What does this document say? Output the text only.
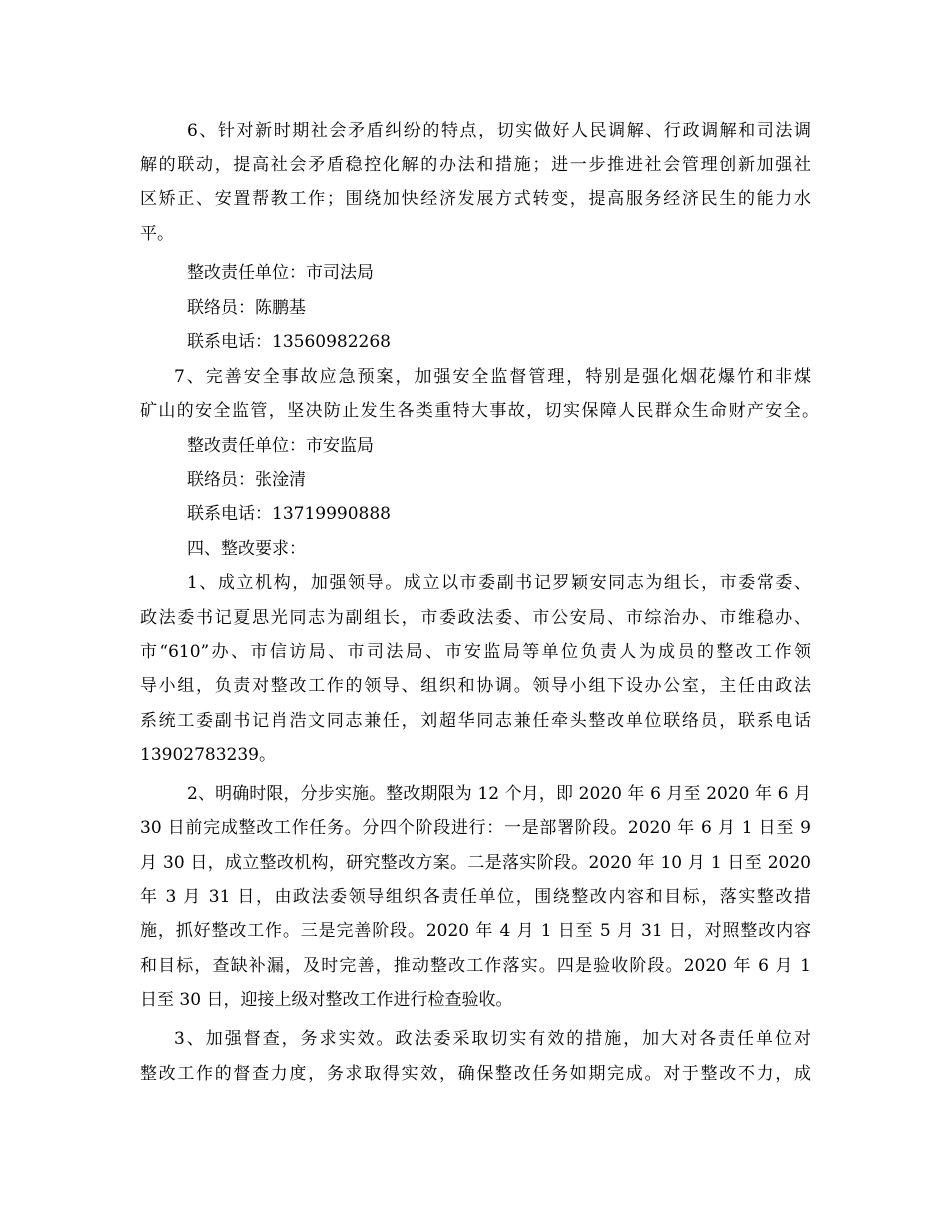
6、针对新时期社会矛盾纠纷的特点，切实做好人民调解、行政调解和司法调
解的联动，提高社会矛盾稳控化解的办法和措施；进一步推进社会管理创新加强社
区矫正、安置帮教工作；围绕加快经济发展方式转变，提高服务经济民生的能力水
平。
整改责任单位：市司法局
联络员：陈鹏基
联系电话：13560982268
7、完善安全事故应急预案，加强安全监督管理，特别是强化烟花爆竹和非煤
矿山的安全监管，坚决防止发生各类重特大事故，切实保障人民群众生命财产安全。
整改责任单位：市安监局
联络员：张淦清
联系电话：13719990888
四、整改要求：
1、成立机构，加强领导。成立以市委副书记罗颖安同志为组长，市委常委、
政法委书记夏思光同志为副组长，市委政法委、市公安局、市综治办、市维稳办、
市“610”办、市信访局、市司法局、市安监局等单位负责人为成员的整改工作领
导小组，负责对整改工作的领导、组织和协调。领导小组下设办公室，主任由政法
系统工委副书记肖浩文同志兼任，刘超华同志兼任牵头整改单位联络员，联系电话
13902783239。
2、明确时限，分步实施。整改期限为 12 个月，即 2020 年 6 月至 2020 年 6 月
30 日前完成整改工作任务。分四个阶段进行：一是部署阶段。2020 年 6 月 1 日至 9
月 30 日，成立整改机构，研究整改方案。二是落实阶段。2020 年 10 月 1 日至 2020
年 3 月 31 日，由政法委领导组织各责任单位，围绕整改内容和目标，落实整改措
施，抓好整改工作。三是完善阶段。2020 年 4 月 1 日至 5 月 31 日，对照整改内容
和目标，查缺补漏，及时完善，推动整改工作落实。四是验收阶段。2020 年 6 月 1
日至 30 日，迎接上级对整改工作进行检查验收。
3、加强督查，务求实效。政法委采取切实有效的措施，加大对各责任单位对
整改工作的督查力度，务求取得实效，确保整改任务如期完成。对于整改不力，成
